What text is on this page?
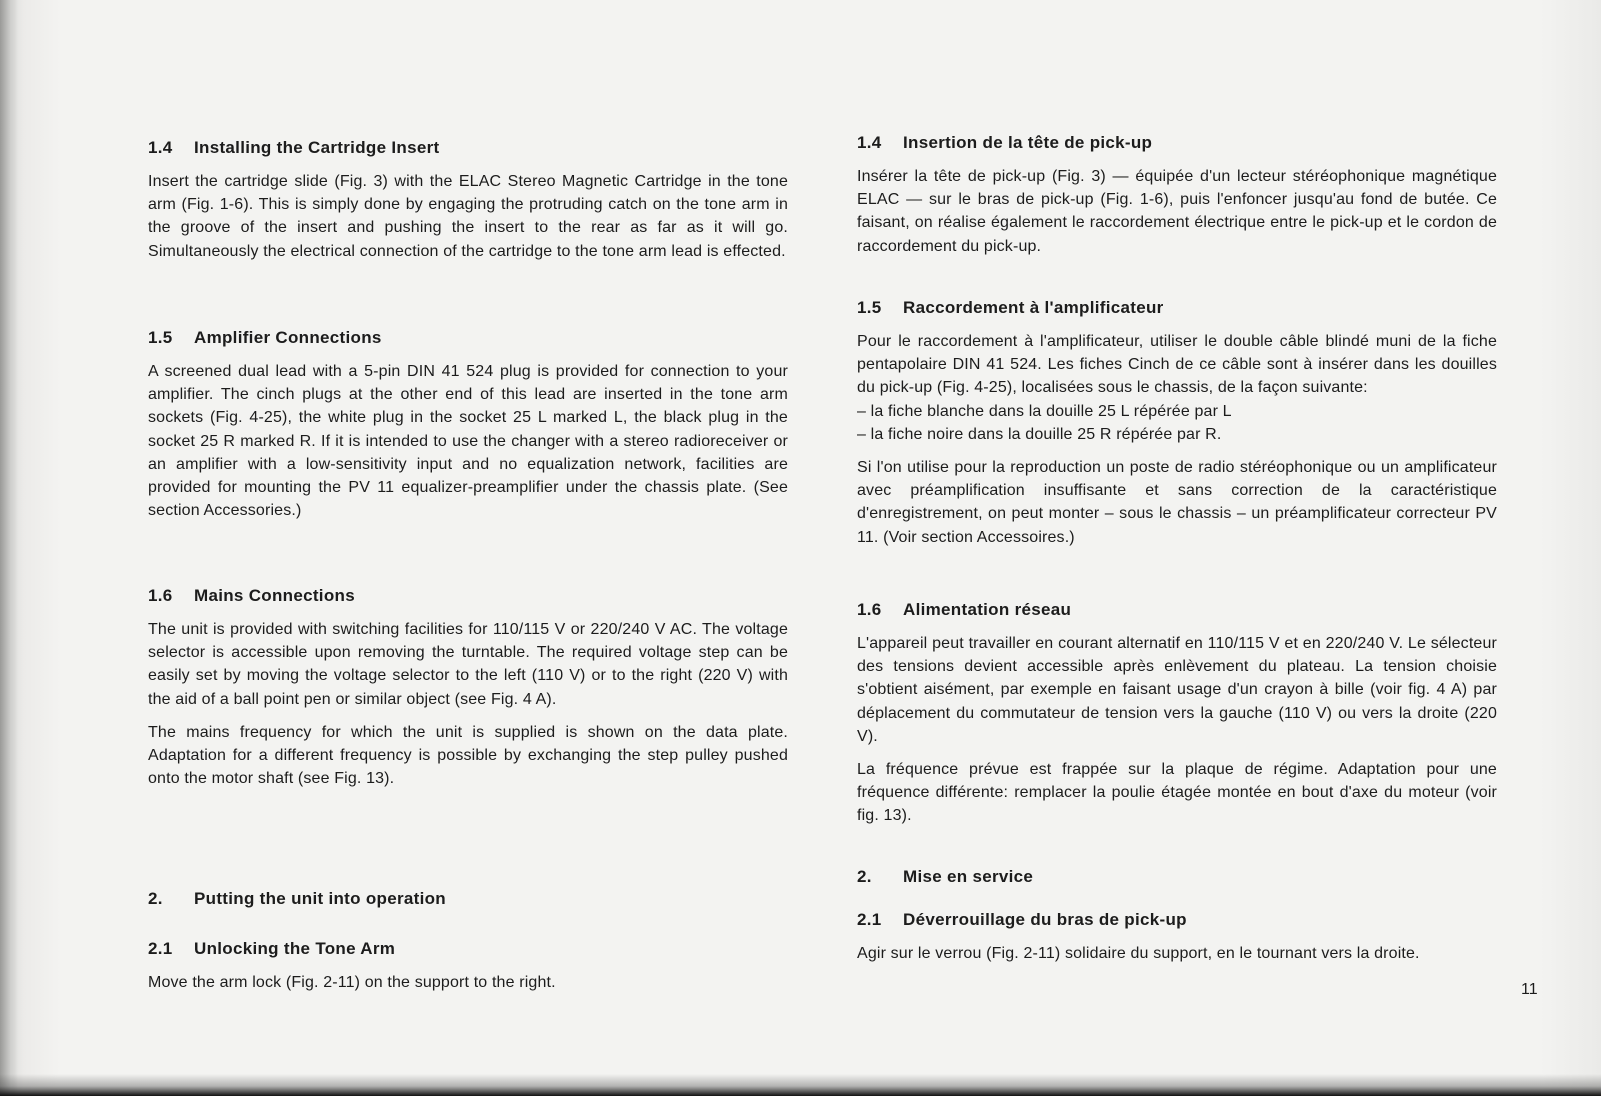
1.4 Installing the Cartridge Insert

Insert the cartridge slide (Fig. 3) with the ELAC Stereo Magnetic Cartridge in the tone arm (Fig. 1-6). This is simply done by engaging the protruding catch on the tone arm in the groove of the insert and pushing the insert to the rear as far as it will go. Simultaneously the electrical connection of the cartridge to the tone arm lead is effected.

1.5 Amplifier Connections

A screened dual lead with a 5-pin DIN 41 524 plug is provided for connection to your amplifier. The cinch plugs at the other end of this lead are inserted in the tone arm sockets (Fig. 4-25), the white plug in the socket 25 L marked L, the black plug in the socket 25 R marked R. If it is intended to use the changer with a stereo radioreceiver or an amplifier with a low-sensitivity input and no equalization network, facilities are provided for mounting the PV 11 equalizer-preamplifier under the chassis plate. (See section Accessories.)

1.6 Mains Connections

The unit is provided with switching facilities for 110/115 V or 220/240 V AC. The voltage selector is accessible upon removing the turntable. The required voltage step can be easily set by moving the voltage selector to the left (110 V) or to the right (220 V) with the aid of a ball point pen or similar object (see Fig. 4 A).

The mains frequency for which the unit is supplied is shown on the data plate. Adaptation for a different frequency is possible by exchanging the step pulley pushed onto the motor shaft (see Fig. 13).

2. Putting the unit into operation
2.1 Unlocking the Tone Arm

Move the arm lock (Fig. 2-11) on the support to the right.

1.4 Insertion de la tête de pick-up

Insérer la tête de pick-up (Fig. 3) — équipée d'un lecteur stéréophonique magnétique ELAC — sur le bras de pick-up (Fig. 1-6), puis l'enfoncer jusqu'au fond de butée. Ce faisant, on réalise également le raccordement électrique entre le pick-up et le cordon de raccordement du pick-up.

1.5 Raccordement à l'amplificateur

Pour le raccordement à l'amplificateur, utiliser le double câble blindé muni de la fiche pentapolaire DIN 41 524. Les fiches Cinch de ce câble sont à insérer dans les douilles du pick-up (Fig. 4-25), localisées sous le chassis, de la façon suivante:

– la fiche blanche dans la douille 25 L répérée par L

– la fiche noire dans la douille 25 R répérée par R.

Si l'on utilise pour la reproduction un poste de radio stéréophonique ou un amplificateur avec préamplification insuffisante et sans correction de la caractéristique d'enregistrement, on peut monter – sous le chassis – un préamplificateur correcteur PV 11. (Voir section Accessoires.)

1.6 Alimentation réseau

L'appareil peut travailler en courant alternatif en 110/115 V et en 220/240 V. Le sélecteur des tensions devient accessible après enlèvement du plateau. La tension choisie s'obtient aisément, par exemple en faisant usage d'un crayon à bille (voir fig. 4 A) par déplacement du commutateur de tension vers la gauche (110 V) ou vers la droite (220 V).

La fréquence prévue est frappée sur la plaque de régime. Adaptation pour une fréquence différente: remplacer la poulie étagée montée en bout d'axe du moteur (voir fig. 13).

2. Mise en service
2.1 Déverrouillage du bras de pick-up

Agir sur le verrou (Fig. 2-11) solidaire du support, en le tournant vers la droite.

11
